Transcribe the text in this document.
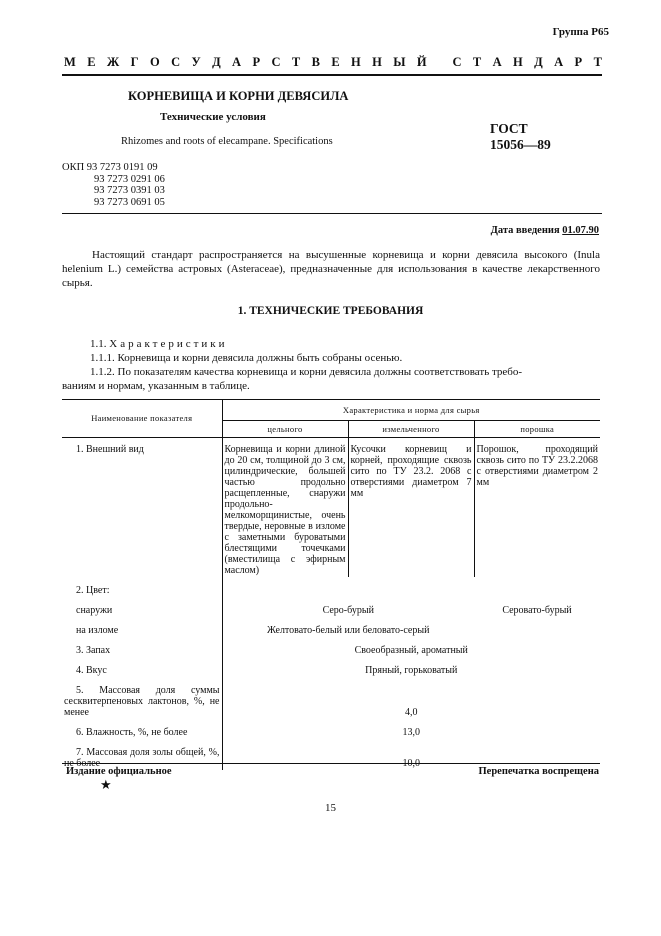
Группа Р65
М Е Ж Г О С У Д А Р С Т В Е Н Н Ы Й
С Т А Н Д А Р Т
КОРНЕВИЩА И КОРНИ ДЕВЯСИЛА
Технические условия
Rhizomes and roots of elecampane. Specifications
ГОСТ
15056—89
ОКП 93 7273 0191 09
93 7273 0291 06
93 7273 0391 03
93 7273 0691 05
Дата введения 01.07.90
Настоящий стандарт распространяется на высушенные корневища и корни девясила высокого (Inula helenium L.) семейства астровых (Asteraceae), предназначенные для использования в качестве лекарственного сырья.
1. ТЕХНИЧЕСКИЕ ТРЕБОВАНИЯ
1.1. Характеристики
1.1.1. Корневища и корни девясила должны быть собраны осенью.
1.1.2. По показателям качества корневища и корни девясила должны соответствовать требо-
ваниям и нормам, указанным в таблице.
Наименование показателя	Характеристика и норма для сырья		
	цельного	измельченного	порошка
1. Внешний вид	Корневища и корни длиной до 20 см, толщиной до 3 см, цилиндрические, большей частью продольно расщепленные, снаружи продольно-мелкоморщинистые, очень твердые, неровные в изломе с заметными буроватыми блестящими точечками (вместилища с эфирным маслом)	Кусочки корневищ и корней, проходящие сквозь сито по ТУ 23.2. 2068 с отверстиями диаметром 7 мм	Порошок, проходящий сквозь сито по ТУ 23.2.2068 с отверстиями диаметром 2 мм
2. Цвет:			
снаружи	Серо-бурый		Серовато-бурый
на изломе	Желтовато-белый или беловато-серый		
3. Запах	Своеобразный, ароматный		
4. Вкус	Пряный, горьковатый		
5. Массовая доля суммы сесквитерпеновых лактонов, %, не менее	4,0		
6. Влажность, %, не более	13,0		
7. Массовая доля золы общей, %, не более	10,0		
Издание официальное	Перепечатка воспрещена
★
15
